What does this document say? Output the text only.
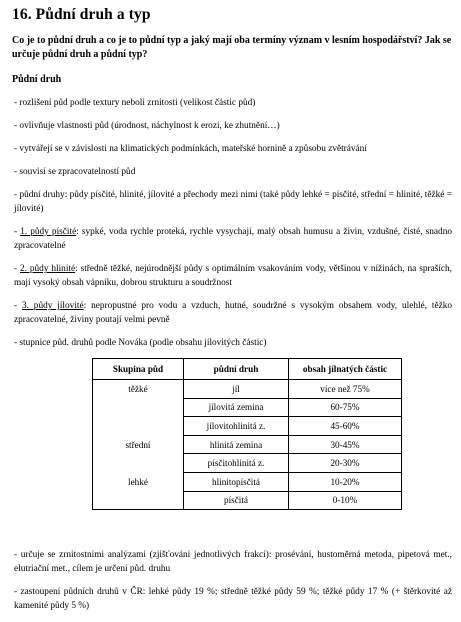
16. Půdní druh a typ
Co je to půdní druh a co je to půdní typ a jaký mají oba termíny význam v lesním hospodářství? Jak se určuje půdní druh a půdní typ?
Půdní druh
- rozlišení půd podle textury neboli zrnitosti (velikost částic půd)
- ovlivňuje vlastnosti půd (úrodnost, náchylnost k erozi, ke zhutnění…)
- vytvářejí se v závislosti na klimatických podmínkách, mateřské hornině a způsobu zvětrávání
- souvisí se zpracovatelností půd
- půdní druhy: půdy písčité, hlinité, jílovité a přechody mezi nimi (také půdy lehké = písčité, střední = hlinité, těžké = jílovité)
- 1. půdy písčité: sypké, voda rychle proteká, rychle vysychají, malý obsah humusu a živin, vzdušné, čisté, snadno zpracovatelné
- 2. půdy hlinité: středně těžké, nejúrodnější půdy s optimálním vsakováním vody, většinou v nížinách, na spraších, mají vysoký obsah vápníku, dobrou strukturu a soudržnost
- 3. půdy jílovité: nepropustné pro vodu a vzduch, hutné, soudržné s vysokým obsahem vody, ulehlé, těžko zpracovatelné, živiny poutají velmi pevně
- stupnice půd. druhů podle Nováka (podle obsahu jílovitých částic)
Skupina půd	půdní druh	obsah jílnatých částic
těžké	jíl	více než 75%
	jílovitá zemina	60-75%
	jílovitohlinitá z.	45-60%
střední	hlinitá zemina	30-45%
	písčitohlinitá z.	20-30%
lehké	hlinitopísčitá	10-20%
	písčitá	0-10%
- určuje se zrnitostními analýzami (zjišťování jednotlivých frakcí): prosévání, hustoměrná metoda, pipetová met., elutriační met., cílem je určení půd. druhu
- zastoupení půdních druhů v ČR: lehké půdy 19 %; středně těžké půdy 59 %; těžké půdy 17 % (+ štěrkovité až kamenité půdy 5 %)
